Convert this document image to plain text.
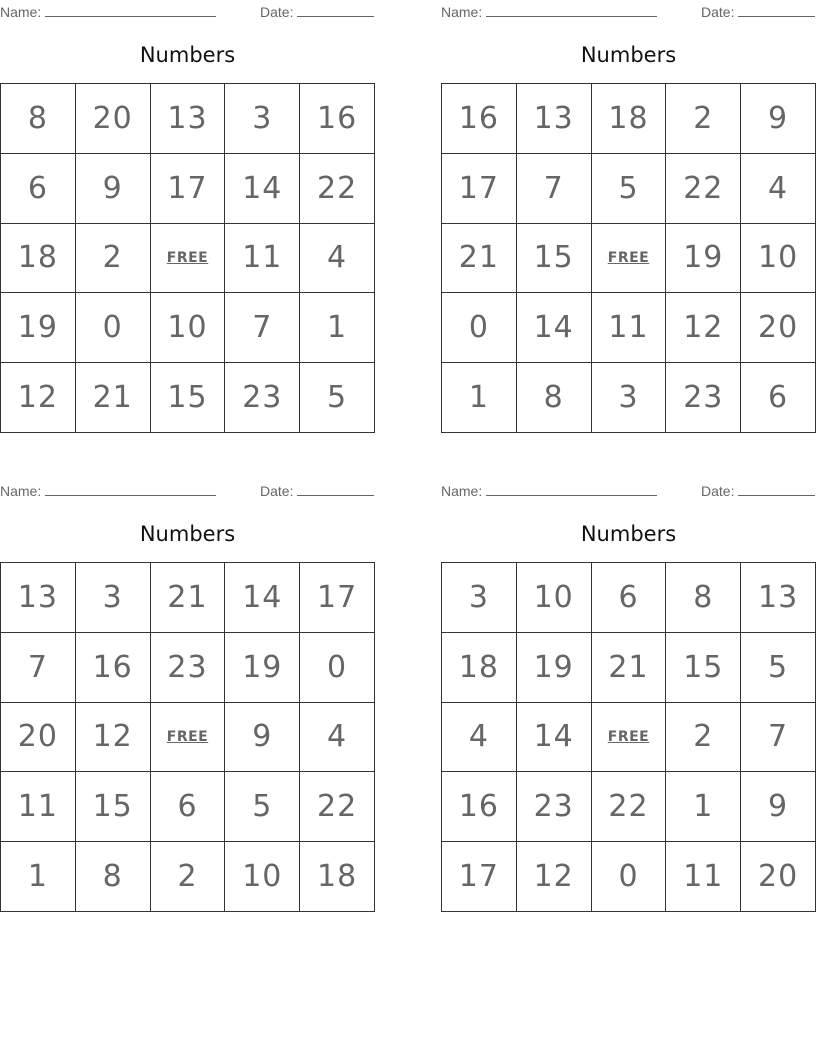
Name:	Date:
Numbers
8	20	13	3	16
6	9	17	14	22
18	2	FREE	11	4
19	0	10	7	1
12	21	15	23	5
Name:	Date:
Numbers
16	13	18	2	9
17	7	5	22	4
21	15	FREE	19	10
0	14	11	12	20
1	8	3	23	6
Name:	Date:
Numbers
13	3	21	14	17
7	16	23	19	0
20	12	FREE	9	4
11	15	6	5	22
1	8	2	10	18
Name:	Date:
Numbers
3	10	6	8	13
18	19	21	15	5
4	14	FREE	2	7
16	23	22	1	9
17	12	0	11	20
